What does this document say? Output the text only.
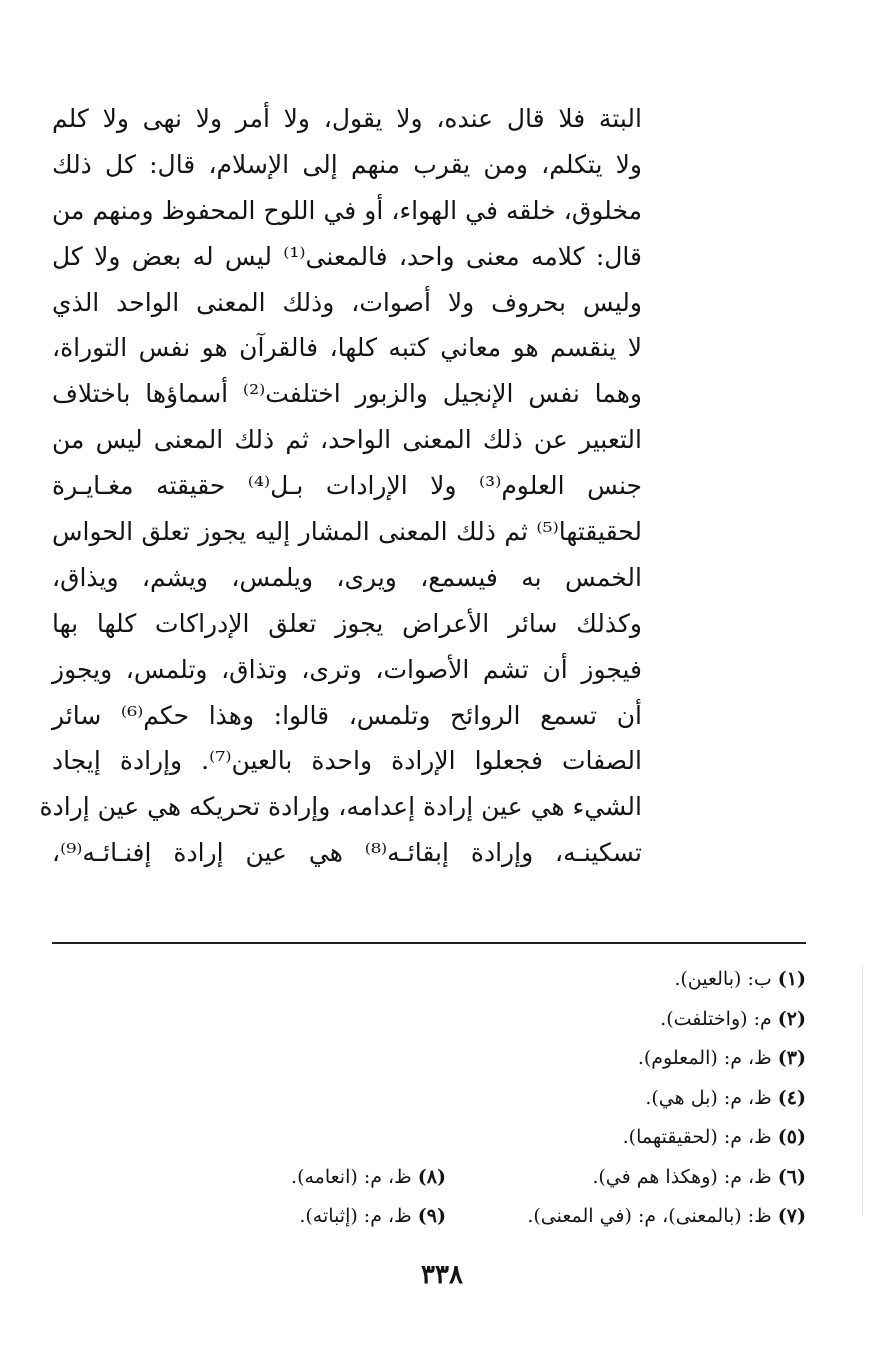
البتة فلا قال عنده، ولا يقول، ولا أمر ولا نهى ولا كلم
ولا يتكلم، ومن يقرب منهم إلى الإسلام، قال: كل ذلك
مخلوق، خلقه في الهواء، أو في اللوح المحفوظ ومنهم من
قال: كلامه معنى واحد، فالمعنى⁽¹⁾ ليس له بعض ولا كل
وليس بحروف ولا أصوات، وذلك المعنى الواحد الذي
لا ينقسم هو معاني كتبه كلها، فالقرآن هو نفس التوراة،
وهما نفس الإنجيل والزبور اختلفت⁽²⁾ أسماؤها باختلاف
التعبير عن ذلك المعنى الواحد، ثم ذلك المعنى ليس من
جنس العلوم⁽³⁾ ولا الإرادات بـل⁽⁴⁾ حقيقته مغـايـرة
لحقيقتها⁽⁵⁾ ثم ذلك المعنى المشار إليه يجوز تعلق الحواس
الخمس به فيسمع، ويرى، ويلمس، ويشم، ويذاق،
وكذلك سائر الأعراض يجوز تعلق الإدراكات كلها بها
فيجوز أن تشم الأصوات، وترى، وتذاق، وتلمس، ويجوز
أن تسمع الروائح وتلمس، قالوا: وهذا حكم⁽⁶⁾ سائر
الصفات فجعلوا الإرادة واحدة بالعين⁽⁷⁾. وإرادة إيجاد
الشيء هي عين إرادة إعدامه، وإرادة تحريكه هي عين إرادة
تسكينـه، وإرادة إبقائـه⁽⁸⁾ هي عين إرادة إفنـائـه⁽⁹⁾،
(١) ب: (بالعين).
(٢) م: (واختلفت).
(٣) ظ، م: (المعلوم).
(٤) ظ، م: (بل هي).
(٥) ظ، م: (لحقيقتهما).
(٦) ظ، م: (وهكذا هم في).
(٨) ظ، م: (انعامه).
(٧) ظ: (بالمعنى)، م: (في المعنى).
(٩) ظ، م: (إثباته).
٣٣٨
